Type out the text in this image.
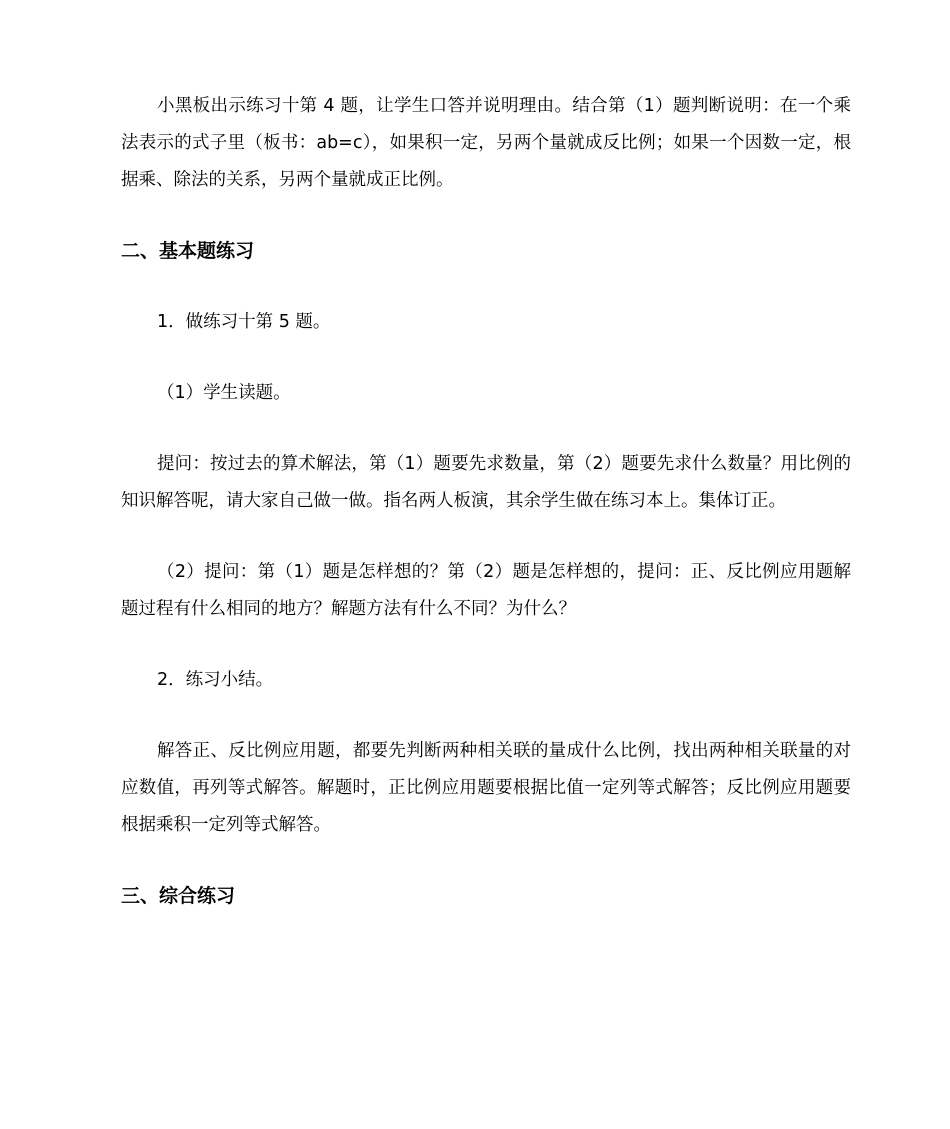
小黑板出示练习十第 4 题，让学生口答并说明理由。结合第（1）题判断说明：在一个乘法表示的式子里（板书：ab=c），如果积一定，另两个量就成反比例；如果一个因数一定，根据乘、除法的关系，另两个量就成正比例。

二、基本题练习

1．做练习十第 5 题。

（1）学生读题。

提问：按过去的算术解法，第（1）题要先求数量，第（2）题要先求什么数量？用比例的知识解答呢，请大家自己做一做。指名两人板演，其余学生做在练习本上。集体订正。

（2）提问：第（1）题是怎样想的？第（2）题是怎样想的，提问：正、反比例应用题解题过程有什么相同的地方？解题方法有什么不同？为什么？

2．练习小结。

解答正、反比例应用题，都要先判断两种相关联的量成什么比例，找出两种相关联量的对应数值，再列等式解答。解题时，正比例应用题要根据比值一定列等式解答；反比例应用题要根据乘积一定列等式解答。

三、综合练习
